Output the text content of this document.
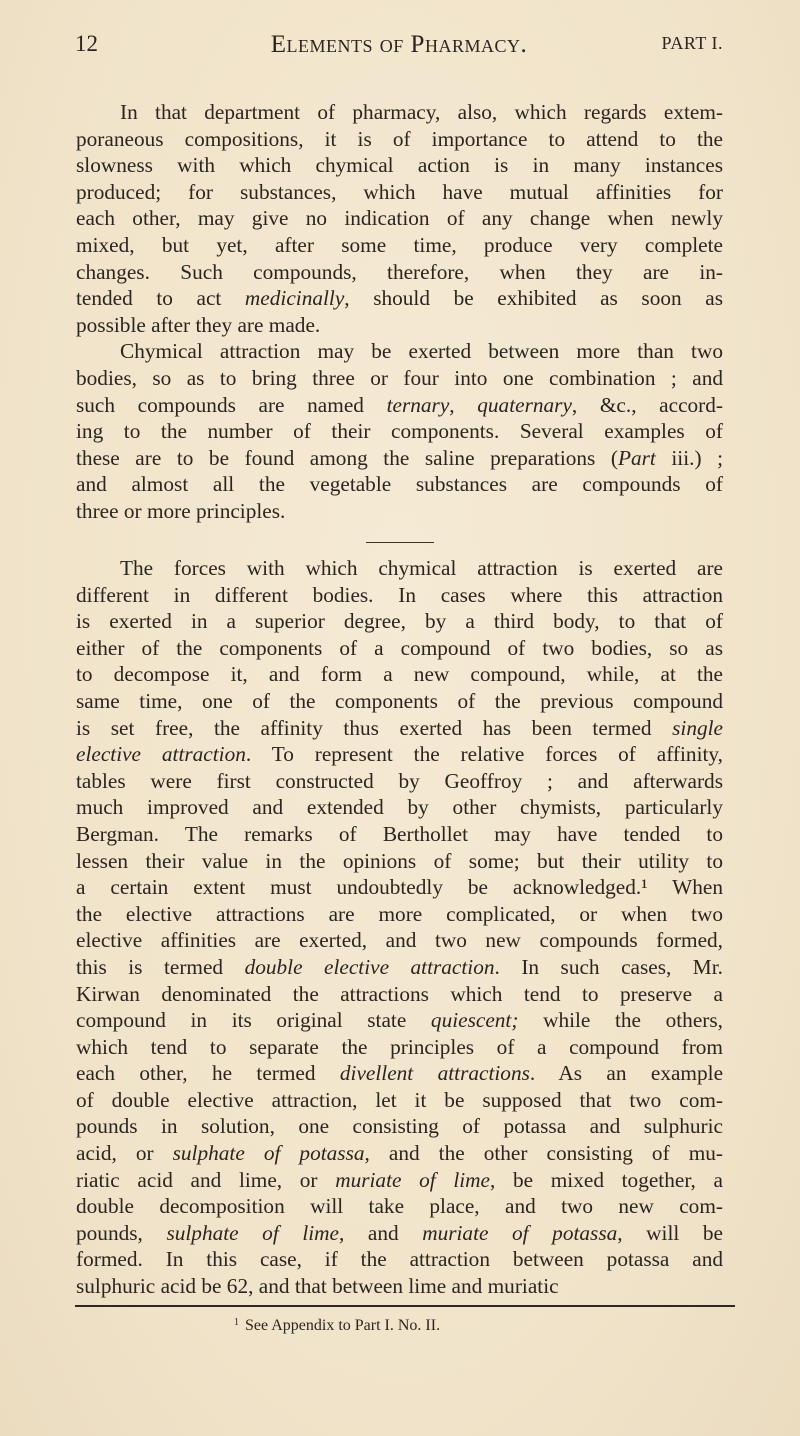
12	Elements of Pharmacy.	PART I.
In that department of pharmacy, also, which regards extem-
poraneous compositions, it is of importance to attend to the
slowness with which chymical action is in many instances
produced; for substances, which have mutual affinities for
each other, may give no indication of any change when newly
mixed, but yet, after some time, produce very complete
changes. Such compounds, therefore, when they are in-
tended to act medicinally, should be exhibited as soon as
possible after they are made.
Chymical attraction may be exerted between more than two
bodies, so as to bring three or four into one combination ; and
such compounds are named ternary, quaternary, &c., accord-
ing to the number of their components. Several examples of
these are to be found among the saline preparations (Part iii.) ;
and almost all the vegetable substances are compounds of
three or more principles.
The forces with which chymical attraction is exerted are
different in different bodies. In cases where this attraction
is exerted in a superior degree, by a third body, to that of
either of the components of a compound of two bodies, so as
to decompose it, and form a new compound, while, at the
same time, one of the components of the previous compound
is set free, the affinity thus exerted has been termed single
elective attraction. To represent the relative forces of affinity,
tables were first constructed by Geoffroy ; and afterwards
much improved and extended by other chymists, particularly
Bergman. The remarks of Berthollet may have tended to
lessen their value in the opinions of some; but their utility to
a certain extent must undoubtedly be acknowledged.¹ When
the elective attractions are more complicated, or when two
elective affinities are exerted, and two new compounds formed,
this is termed double elective attraction. In such cases, Mr.
Kirwan denominated the attractions which tend to preserve a
compound in its original state quiescent; while the others,
which tend to separate the principles of a compound from
each other, he termed divellent attractions. As an example
of double elective attraction, let it be supposed that two com-
pounds in solution, one consisting of potassa and sulphuric
acid, or sulphate of potassa, and the other consisting of mu-
riatic acid and lime, or muriate of lime, be mixed together, a
double decomposition will take place, and two new com-
pounds, sulphate of lime, and muriate of potassa, will be
formed. In this case, if the attraction between potassa and
sulphuric acid be 62, and that between lime and muriatic
$^1$ See Appendix to Part I. No. II.
